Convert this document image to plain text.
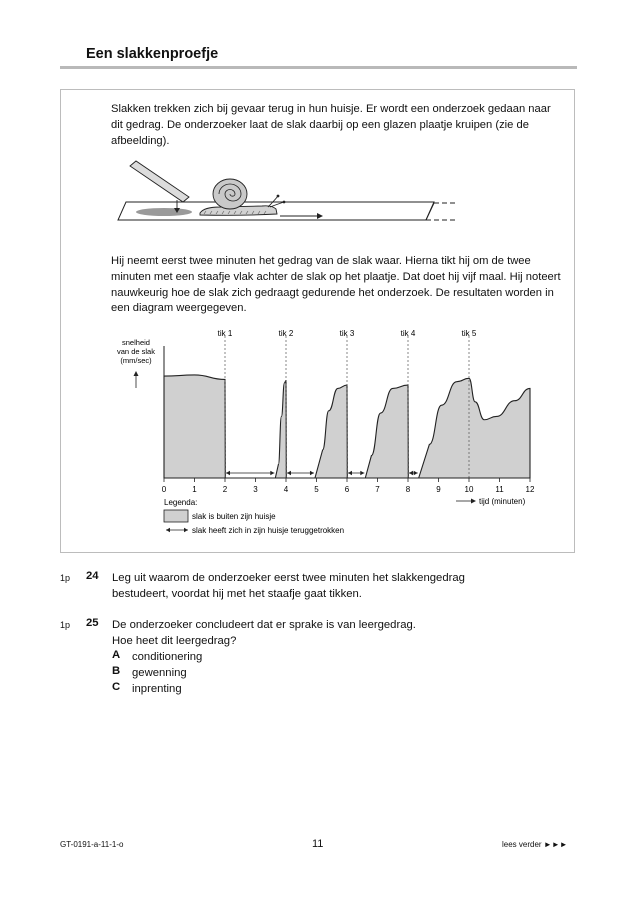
Een slakkenproefje
Slakken trekken zich bij gevaar terug in hun huisje. Er wordt een onderzoek gedaan naar dit gedrag. De onderzoeker laat de slak daarbij op een glazen plaatje kruipen (zie de afbeelding).
Hij neemt eerst twee minuten het gedrag van de slak waar. Hierna tikt hij om de twee minuten met een staafje vlak achter de slak op het plaatje. Dat doet hij vijf maal. Hij noteert nauwkeurig hoe de slak zich gedraagt gedurende het onderzoek. De resultaten worden in een diagram weergegeven.
tik 1	tik 2	tik 3	tik 4	tik 5
0	1	2	3	4	5	6	7	8	9	10	11	12
snelheid
van de slak
(mm/sec)
tijd (minuten)
Legenda:
slak is buiten zijn huisje
slak heeft zich in zijn huisje teruggetrokken
1p 24 Leg uit waarom de onderzoeker eerst twee minuten het slakkengedrag
bestudeert, voordat hij met het staafje gaat tikken.
1p 25 De onderzoeker concludeert dat er sprake is van leergedrag.
Hoe heet dit leergedrag?
A conditionering
B gewenning
C inprenting
GT-0191-a-11-1-o	11	lees verder ►►►
